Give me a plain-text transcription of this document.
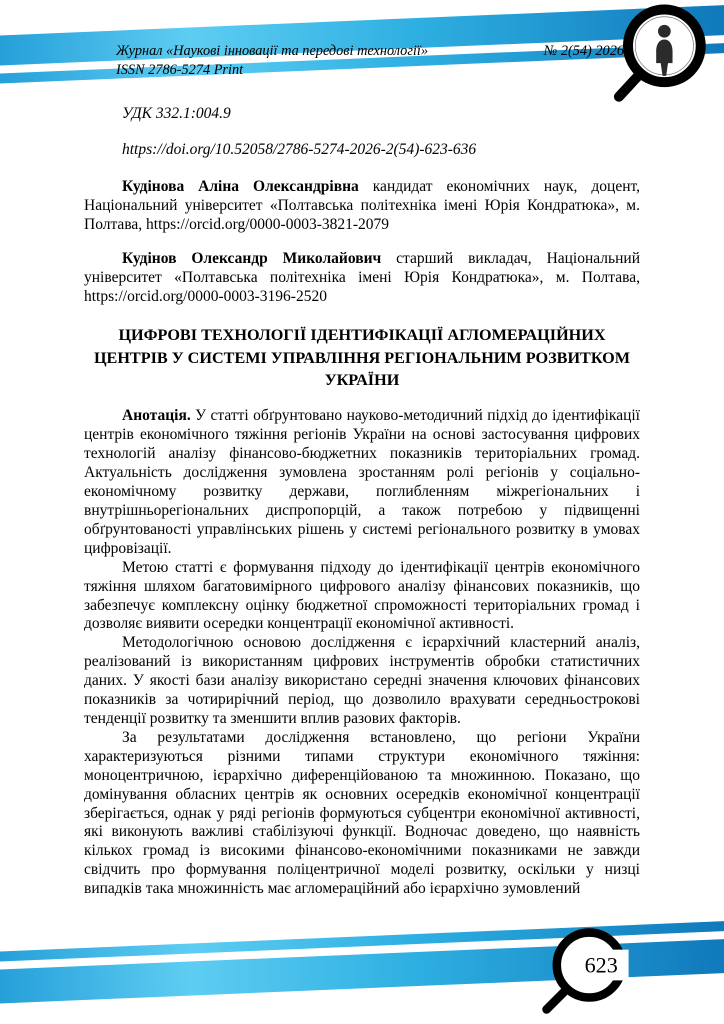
623
Журнал «Наукові інновації та передові технології»
ISSN 2786-5274 Print
№ 2(54) 2026
УДК 332.1:004.9
https://doi.org/10.52058/2786-5274-2026-2(54)-623-636

Кудінова Аліна Олександрівна кандидат економічних наук, доцент, Національний університет «Полтавська політехніка імені Юрія Кондратюка», м. Полтава, https://orcid.org/0000-0003-3821-2079

Кудінов Олександр Миколайович старший викладач, Національний університет «Полтавська політехніка імені Юрія Кондратюка», м. Полтава, https://orcid.org/0000-0003-3196-2520

ЦИФРОВІ ТЕХНОЛОГІЇ ІДЕНТИФІКАЦІЇ АГЛОМЕРАЦІЙНИХ ЦЕНТРІВ У СИСТЕМІ УПРАВЛІННЯ РЕГІОНАЛЬНИМ РОЗВИТКОМ УКРАЇНИ

Анотація. У статті обґрунтовано науково-методичний підхід до ідентифікації центрів економічного тяжіння регіонів України на основі застосування цифрових технологій аналізу фінансово-бюджетних показників територіальних громад. Актуальність дослідження зумовлена зростанням ролі регіонів у соціально-економічному розвитку держави, поглибленням міжрегіональних і внутрішньорегіональних диспропорцій, а також потребою у підвищенні обґрунтованості управлінських рішень у системі регіонального розвитку в умовах цифровізації.

Метою статті є формування підходу до ідентифікації центрів економічного тяжіння шляхом багатовимірного цифрового аналізу фінансових показників, що забезпечує комплексну оцінку бюджетної спроможності територіальних громад і дозволяє виявити осередки концентрації економічної активності.

Методологічною основою дослідження є ієрархічний кластерний аналіз, реалізований із використанням цифрових інструментів обробки статистичних даних. У якості бази аналізу використано середні значення ключових фінансових показників за чотирирічний період, що дозволило врахувати середньострокові тенденції розвитку та зменшити вплив разових факторів.

За результатами дослідження встановлено, що регіони України характеризуються різними типами структури економічного тяжіння: моноцентричною, ієрархічно диференційованою та множинною. Показано, що домінування обласних центрів як основних осередків економічної концентрації зберігається, однак у ряді регіонів формуються субцентри економічної активності, які виконують важливі стабілізуючі функції. Водночас доведено, що наявність кількох громад із високими фінансово-економічними показниками не завжди свідчить про формування поліцентричної моделі розвитку, оскільки у низці випадків така множинність має агломераційний або ієрархічно зумовлений
